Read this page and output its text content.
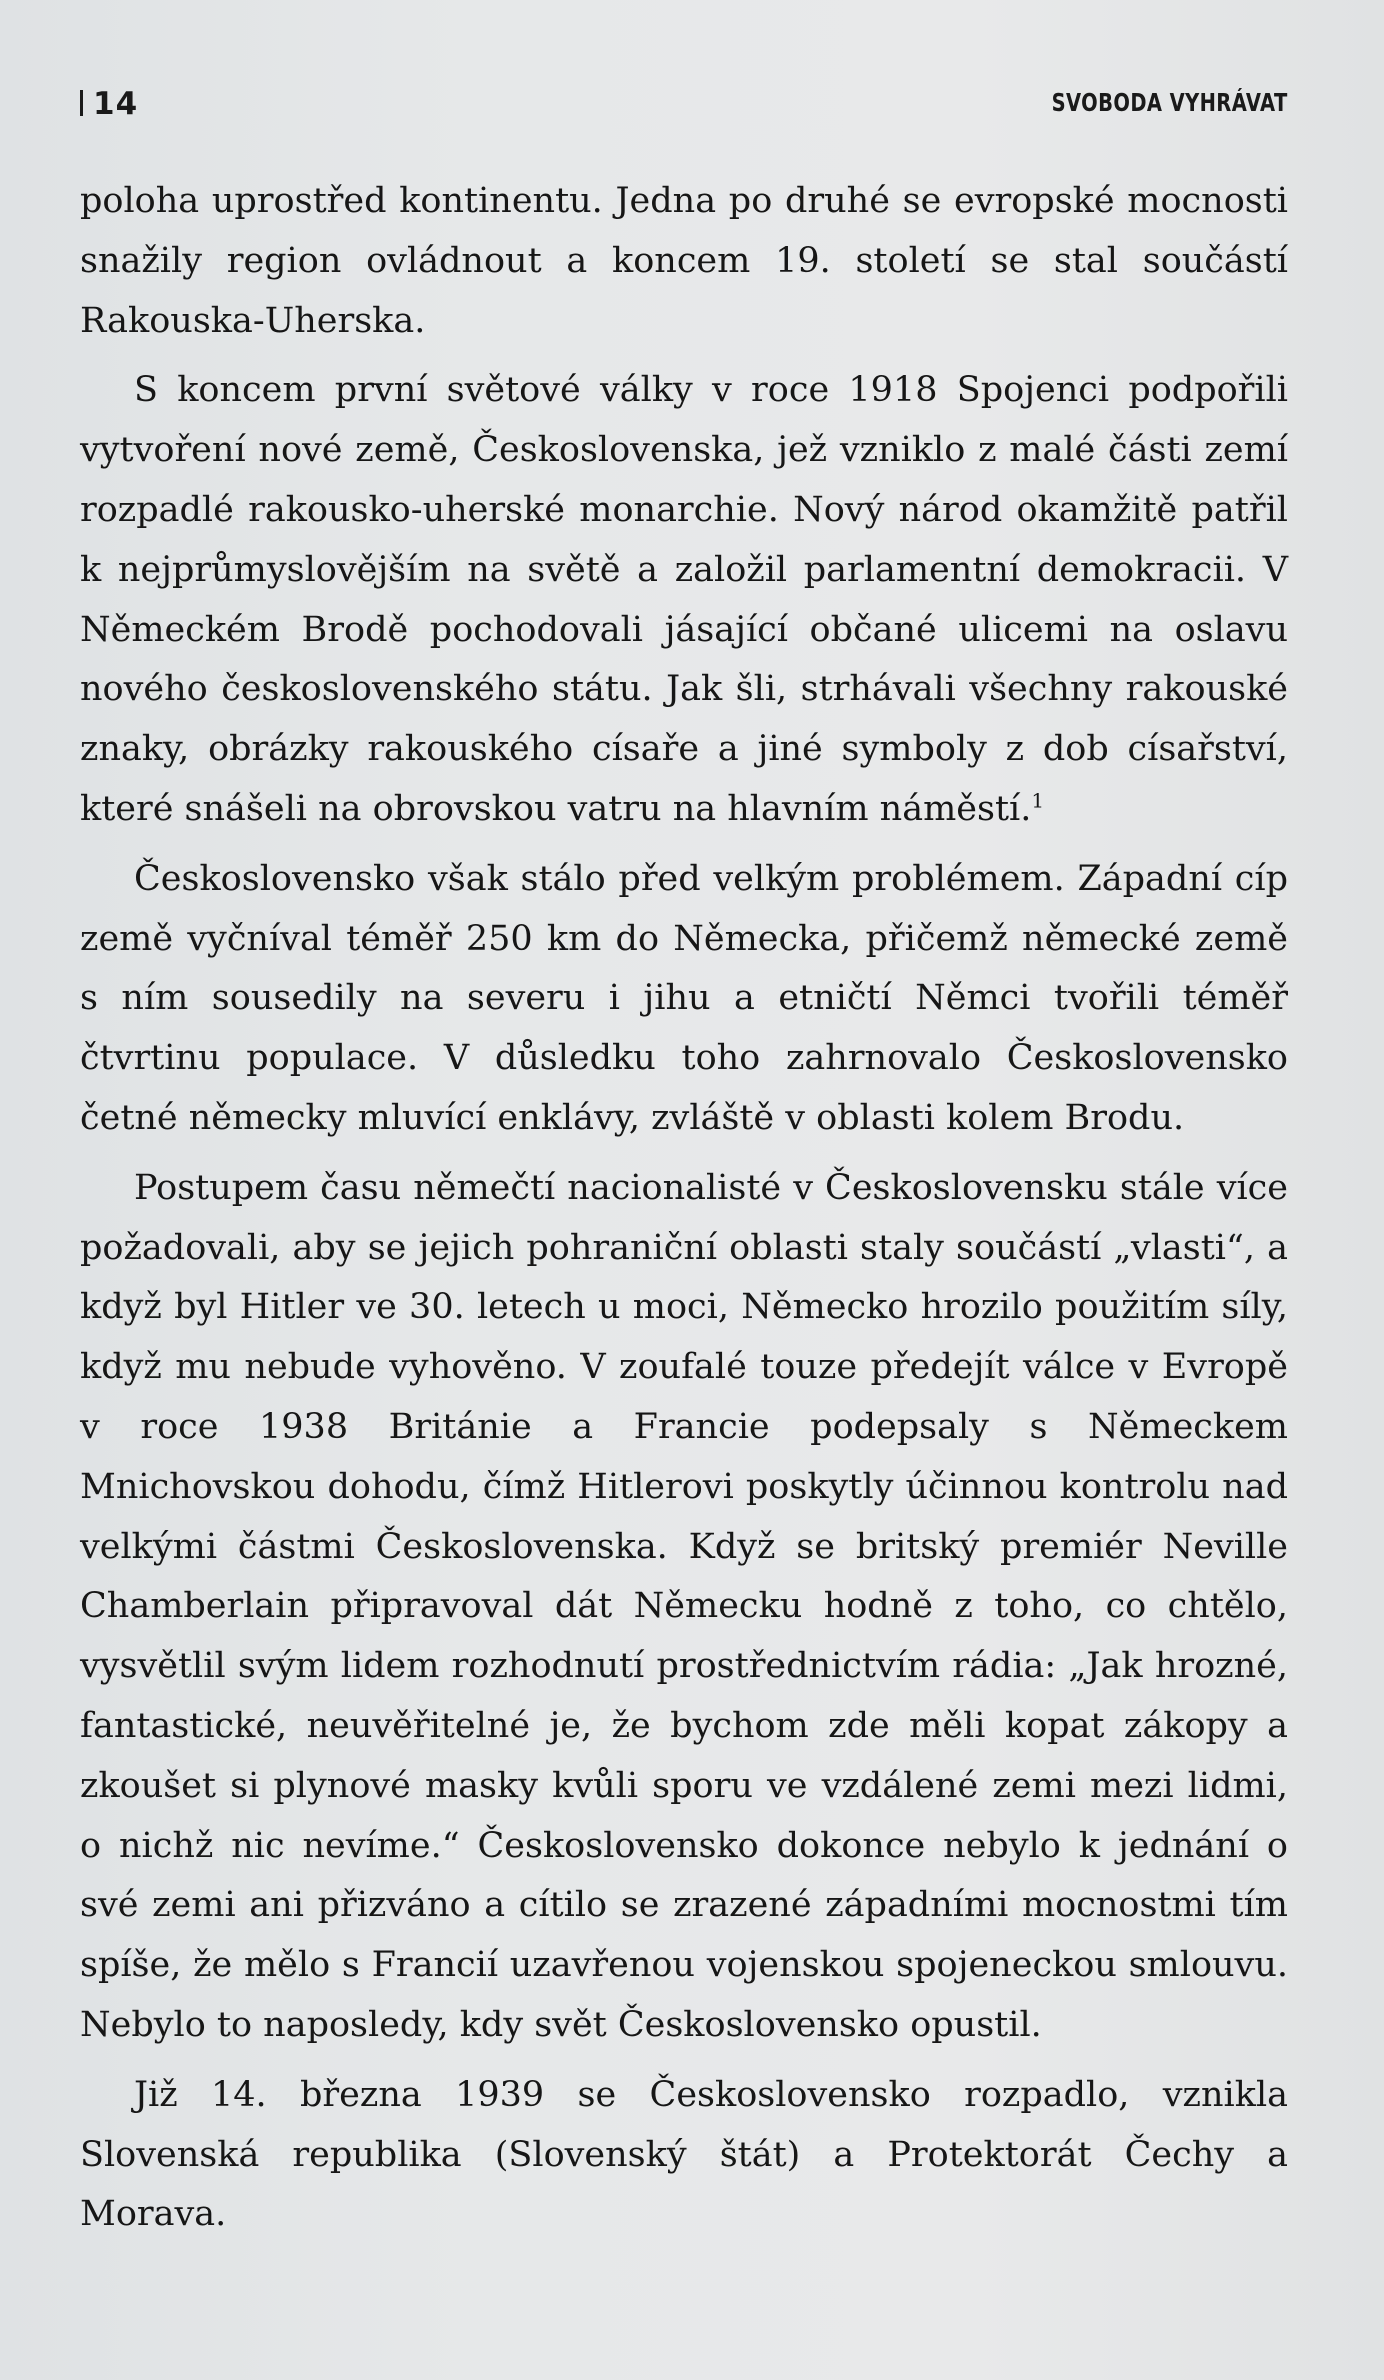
14	SVOBODA VYHRÁVAT

poloha uprostřed kontinentu. Jedna po druhé se evropské mocnosti snažily region ovládnout a koncem 19. století se stal součástí Rakouska-Uherska.

S koncem první světové války v roce 1918 Spojenci podpořili vytvoření nové země, Československa, jež vzniklo z malé části zemí rozpadlé rakousko-uherské monarchie. Nový národ okamžitě patřil k nejprůmyslovějším na světě a založil parlamentní demokracii. V Německém Brodě pochodovali jásající občané ulicemi na oslavu nového československého státu. Jak šli, strhávali všechny rakouské znaky, obrázky rakouského císaře a jiné symboly z dob císařství, které snášeli na obrovskou vatru na hlavním náměstí.$^1$

Československo však stálo před velkým problémem. Západní cíp země vyčníval téměř 250 km do Německa, přičemž německé země s ním sousedily na severu i jihu a etničtí Němci tvořili téměř čtvrtinu populace. V důsledku toho zahrnovalo Československo četné německy mluvící enklávy, zvláště v oblasti kolem Brodu.

Postupem času němečtí nacionalisté v Československu stále více požadovali, aby se jejich pohraniční oblasti staly součástí „vlasti“, a když byl Hitler ve 30. letech u moci, Německo hrozilo použitím síly, když mu nebude vyhověno. V zoufalé touze předejít válce v Evropě v roce 1938 Británie a Francie podepsaly s Německem Mnichovskou dohodu, čímž Hitlerovi poskytly účinnou kontrolu nad velkými částmi Československa. Když se britský premiér Neville Chamberlain připravoval dát Německu hodně z toho, co chtělo, vysvětlil svým lidem rozhodnutí prostřednictvím rádia: „Jak hrozné, fantastické, neuvěřitelné je, že bychom zde měli kopat zákopy a zkoušet si plynové masky kvůli sporu ve vzdálené zemi mezi lidmi, o nichž nic nevíme.“ Československo dokonce nebylo k jednání o své zemi ani přizváno a cítilo se zrazené západními mocnostmi tím spíše, že mělo s Francií uzavřenou vojenskou spojeneckou smlouvu. Nebylo to naposledy, kdy svět Československo opustil.

Již 14. března 1939 se Československo rozpadlo, vznikla Slovenská republika (Slovenský štát) a Protektorát Čechy a Morava.
